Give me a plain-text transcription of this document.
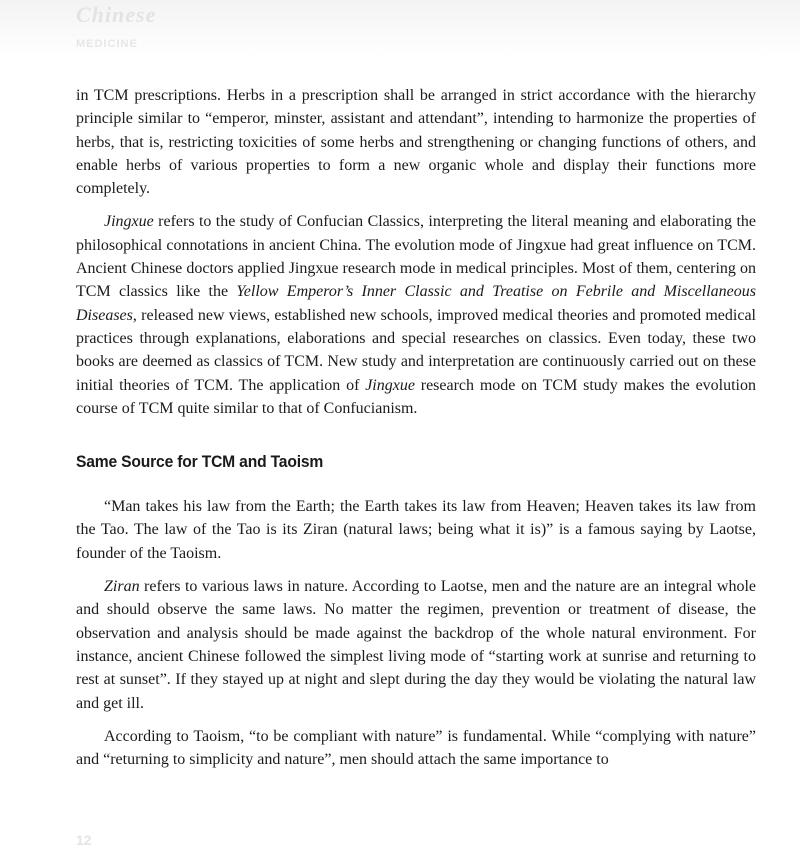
Chinese
MEDICINE

in TCM prescriptions. Herbs in a prescription shall be arranged in strict accordance with the hierarchy principle similar to “emperor, minster, assistant and attendant”, intending to harmonize the properties of herbs, that is, restricting toxicities of some herbs and strengthening or changing functions of others, and enable herbs of various properties to form a new organic whole and display their functions more completely.

Jingxue refers to the study of Confucian Classics, interpreting the literal meaning and elaborating the philosophical connotations in ancient China. The evolution mode of Jingxue had great influence on TCM. Ancient Chinese doctors applied Jingxue research mode in medical principles. Most of them, centering on TCM classics like the Yellow Emperor’s Inner Classic and Treatise on Febrile and Miscellaneous Diseases, released new views, established new schools, improved medical theories and promoted medical practices through explanations, elaborations and special researches on classics. Even today, these two books are deemed as classics of TCM. New study and interpretation are continuously carried out on these initial theories of TCM. The application of Jingxue research mode on TCM study makes the evolution course of TCM quite similar to that of Confucianism.

Same Source for TCM and Taoism

“Man takes his law from the Earth; the Earth takes its law from Heaven; Heaven takes its law from the Tao. The law of the Tao is its Ziran (natural laws; being what it is)” is a famous saying by Laotse, founder of the Taoism.

Ziran refers to various laws in nature. According to Laotse, men and the nature are an integral whole and should observe the same laws. No matter the regimen, prevention or treatment of disease, the observation and analysis should be made against the backdrop of the whole natural environment. For instance, ancient Chinese followed the simplest living mode of “starting work at sunrise and returning to rest at sunset”. If they stayed up at night and slept during the day they would be violating the natural law and get ill.

According to Taoism, “to be compliant with nature” is fundamental. While “complying with nature” and “returning to simplicity and nature”, men should attach the same importance to

12
